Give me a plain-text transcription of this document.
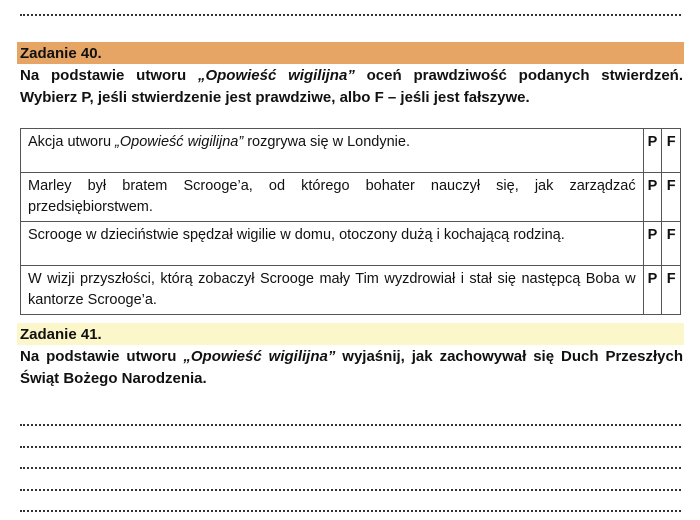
Zadanie 40.
Na podstawie utworu „Opowieść wigilijna” oceń prawdziwość podanych stwierdzeń.
Wybierz P, jeśli stwierdzenie jest prawdziwe, albo F – jeśli jest fałszywe.
Akcja utworu „Opowieść wigilijna” rozgrywa się w Londynie.	P	F
Marley był bratem Scrooge’a, od którego bohater nauczył się, jak zarządzać przedsiębiorstwem.	P	F
Scrooge w dzieciństwie spędzał wigilie w domu, otoczony dużą i kochającą rodziną.	P	F
W wizji przyszłości, którą zobaczył Scrooge mały Tim wyzdrowiał i stał się następcą Boba w kantorze Scrooge’a.	P	F
Zadanie 41.
Na podstawie utworu „Opowieść wigilijna” wyjaśnij, jak zachowywał się Duch Przeszłych
Świąt Bożego Narodzenia.
